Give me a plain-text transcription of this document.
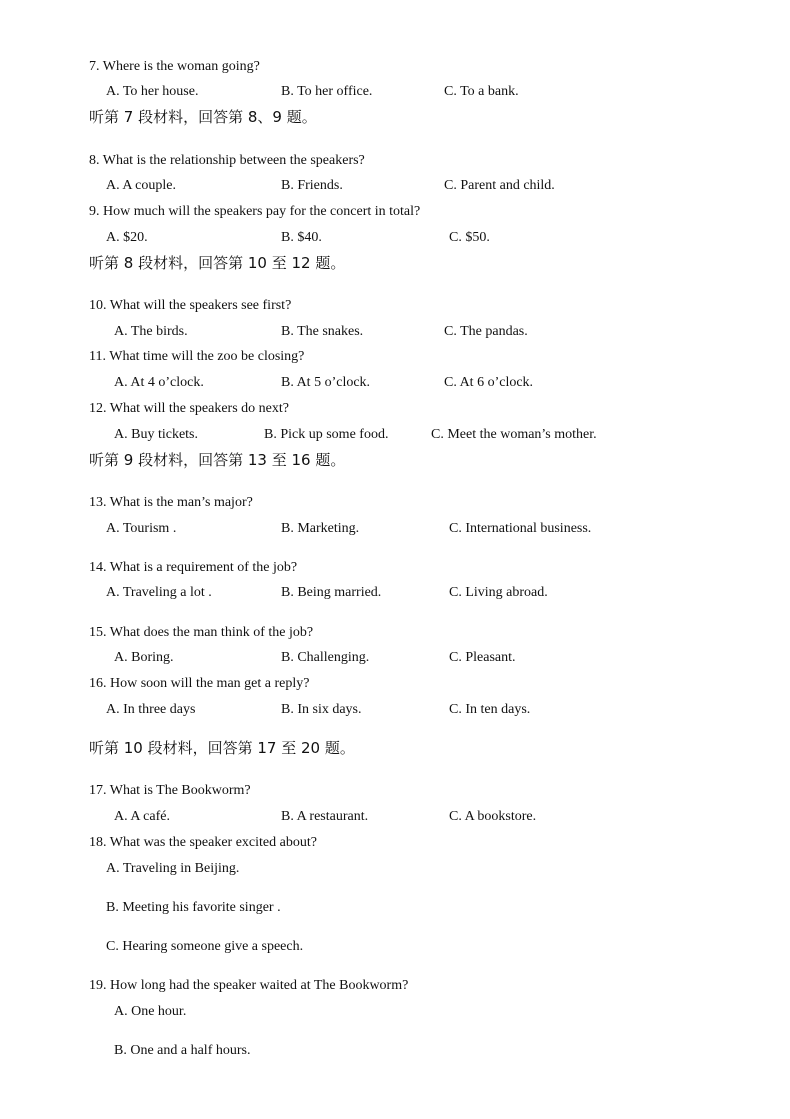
7. Where is the woman going?
A. To her house.	B. To her office.	C. To a bank.
听第 7 段材料，回答第 8、9 题。
8. What is the relationship between the speakers?
A. A couple.	B. Friends.	C. Parent and child.
9. How much will the speakers pay for the concert in total?
A. $20.	B. $40.	C. $50.
听第 8 段材料，回答第 10 至 12 题。
10. What will the speakers see first?
A. The birds.	B. The snakes.	C. The pandas.
11. What time will the zoo be closing?
A. At 4 o’clock.	B. At 5 o’clock.	C. At 6 o’clock.
12. What will the speakers do next?
A. Buy tickets.	B. Pick up some food.	C. Meet the woman’s mother.
听第 9 段材料，回答第 13 至 16 题。
13. What is the man’s major?
A. Tourism .	B. Marketing.	C. International business.
14. What is a requirement of the job?
A. Traveling a lot .	B. Being married.	C. Living abroad.
15. What does the man think of the job?
A. Boring.	B. Challenging.	C. Pleasant.
16. How soon will the man get a reply?
A. In three days	B. In six days.	C. In ten days.
听第 10 段材料，回答第 17 至 20 题。
17. What is The Bookworm?
A. A café.	B. A restaurant.	C. A bookstore.
18. What was the speaker excited about?
A. Traveling in Beijing.
B. Meeting his favorite singer .
C. Hearing someone give a speech.
19. How long had the speaker waited at The Bookworm?
A. One hour.
B. One and a half hours.
